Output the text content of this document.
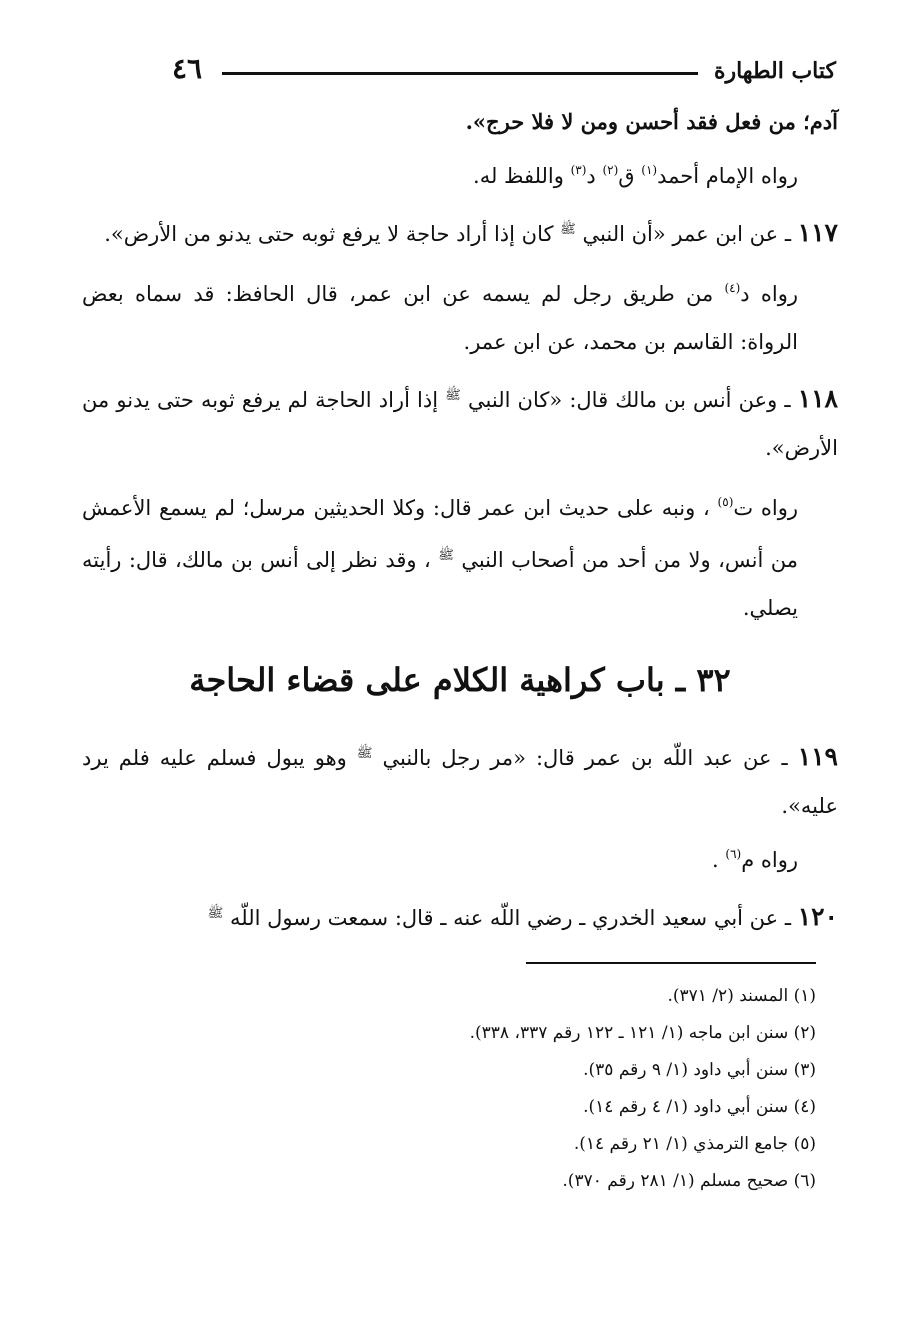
٤٦	كتاب الطهارة

آدم؛ من فعل فقد أحسن ومن لا فلا حرج».

رواه الإمام أحمد$^{(١)}$ ق$^{(٢)}$ د$^{(٣)}$ واللفظ له.

١١٧ ـ عن ابن عمر «أن النبي $^ﷺ$ كان إذا أراد حاجة لا يرفع ثوبه حتى يدنو من الأرض».

رواه د$^{(٤)}$ من طريق رجل لم يسمه عن ابن عمر، قال الحافظ: قد سماه بعض الرواة: القاسم بن محمد، عن ابن عمر.

١١٨ ـ وعن أنس بن مالك قال: «كان النبي $^ﷺ$ إذا أراد الحاجة لم يرفع ثوبه حتى يدنو من الأرض».

رواه ت$^{(٥)}$ ، ونبه على حديث ابن عمر قال: وكلا الحديثين مرسل؛ لم يسمع الأعمش من أنس، ولا من أحد من أصحاب النبي $^ﷺ$ ، وقد نظر إلى أنس بن مالك، قال: رأيته يصلي.

٣٢ ـ باب كراهية الكلام على قضاء الحاجة

١١٩ ـ عن عبد اللّه بن عمر قال: «مر رجل بالنبي $^ﷺ$ وهو يبول فسلم عليه فلم يرد عليه».

رواه م$^{(٦)}$ .

١٢٠ ـ عن أبي سعيد الخدري ـ رضي اللّه عنه ـ قال: سمعت رسول اللّه $^ﷺ$

(١) المسند (٢/ ٣٧١).
(٢) سنن ابن ماجه (١/ ١٢١ ـ ١٢٢ رقم ٣٣٧، ٣٣٨).
(٣) سنن أبي داود (١/ ٩ رقم ٣٥).
(٤) سنن أبي داود (١/ ٤ رقم ١٤).
(٥) جامع الترمذي (١/ ٢١ رقم ١٤).
(٦) صحيح مسلم (١/ ٢٨١ رقم ٣٧٠).
